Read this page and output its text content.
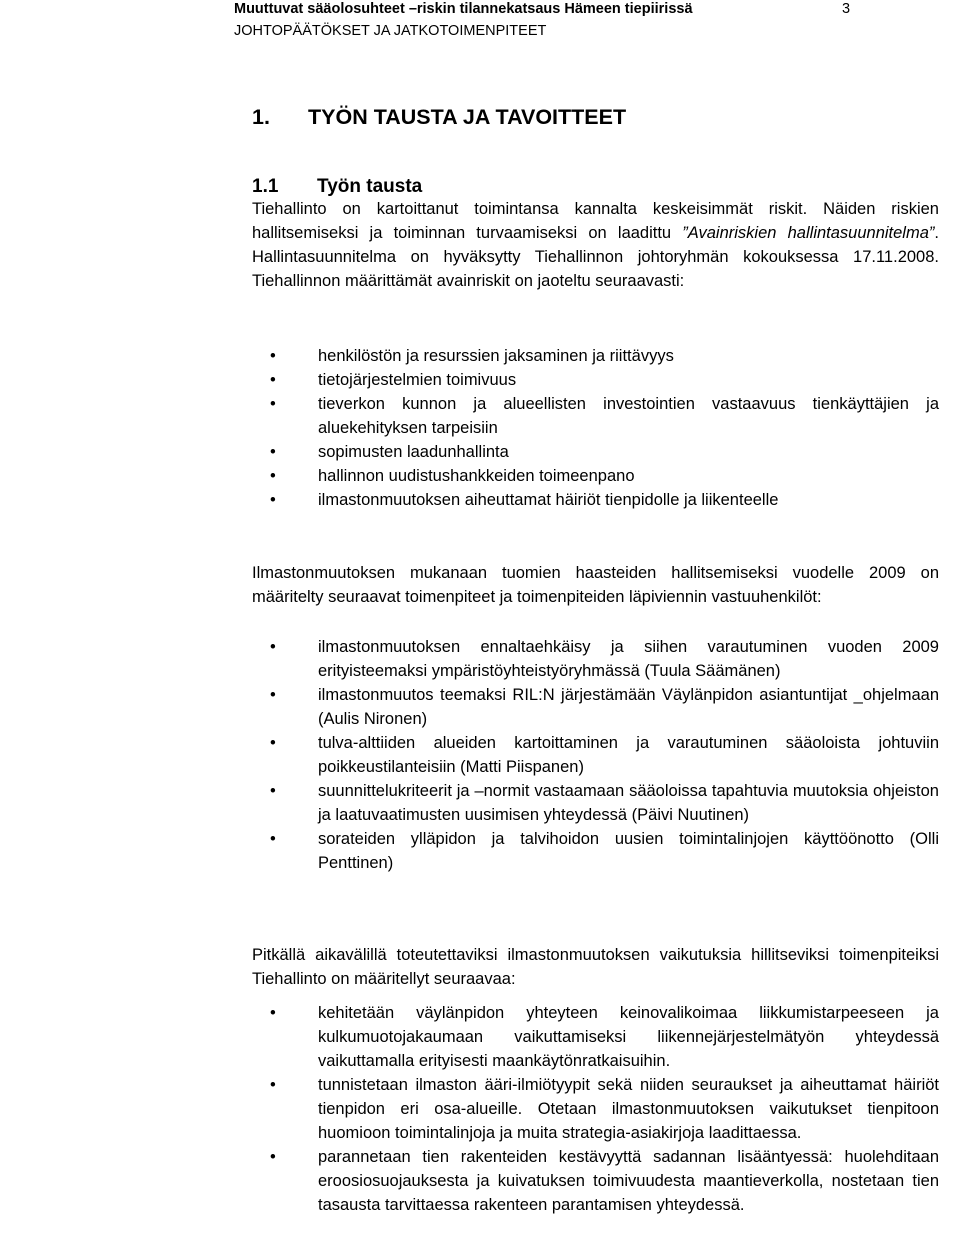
Muuttuvat sääolosuhteet –riskin tilannekatsaus Hämeen tiepiirissä
JOHTOPÄÄTÖKSET JA JATKOTOIMENPITEET
3
1. TYÖN TAUSTA JA TAVOITTEET
1.1 Työn tausta
Tiehallinto on kartoittanut toimintansa kannalta keskeisimmät riskit. Näiden riskien hallitsemiseksi ja toiminnan turvaamiseksi on laadittu ”Avainriskien hallintasuunnitelma”. Hallintasuunnitelma on hyväksytty Tiehallinnon johtoryhmän kokouksessa 17.11.2008. Tiehallinnon määrittämät avainriskit on jaoteltu seuraavasti:
•	henkilöstön ja resurssien jaksaminen ja riittävyys
•	tietojärjestelmien toimivuus
•	tieverkon kunnon ja alueellisten investointien vastaavuus tienkäyttäjien ja aluekehityksen tarpeisiin
•	sopimusten laadunhallinta
•	hallinnon uudistushankkeiden toimeenpano
•	ilmastonmuutoksen aiheuttamat häiriöt tienpidolle ja liikenteelle
Ilmastonmuutoksen mukanaan tuomien haasteiden hallitsemiseksi vuodelle 2009 on määritelty seuraavat toimenpiteet ja toimenpiteiden läpiviennin vastuuhenkilöt:
•	ilmastonmuutoksen ennaltaehkäisy ja siihen varautuminen vuoden 2009 erityisteemaksi ympäristöyhteistyöryhmässä (Tuula Säämänen)
•	ilmastonmuutos teemaksi RIL:N järjestämään Väylänpidon asiantuntijat _ohjelmaan (Aulis Nironen)
•	tulva-alttiiden alueiden kartoittaminen ja varautuminen sääoloista johtuviin poikkeustilanteisiin (Matti Piispanen)
•	suunnittelukriteerit ja –normit vastaamaan sääoloissa tapahtuvia muutoksia ohjeiston ja laatuvaatimusten uusimisen yhteydessä (Päivi Nuutinen)
•	sorateiden ylläpidon ja talvihoidon uusien toimintalinjojen käyttöönotto (Olli Penttinen)
Pitkällä aikavälillä toteutettaviksi ilmastonmuutoksen vaikutuksia hillitseviksi toimenpiteiksi Tiehallinto on määritellyt seuraavaa:
•	kehitetään väylänpidon yhteyteen keinovalikoimaa liikkumistarpeeseen ja kulkumuotojakaumaan vaikuttamiseksi liikennejärjestelmätyön yhteydessä vaikuttamalla erityisesti maankäytönratkaisuihin.
•	tunnistetaan ilmaston ääri-ilmiötyypit sekä niiden seuraukset ja aiheuttamat häiriöt tienpidon eri osa-alueille. Otetaan ilmastonmuutoksen vaikutukset tienpitoon huomioon toimintalinjoja ja muita strategia-asiakirjoja laadittaessa.
•	parannetaan tien rakenteiden kestävyyttä sadannan lisääntyessä: huolehditaan eroosiosuojauksesta ja kuivatuksen toimivuudesta maantieverkolla, nostetaan tien tasausta tarvittaessa rakenteen parantamisen yhteydessä.
